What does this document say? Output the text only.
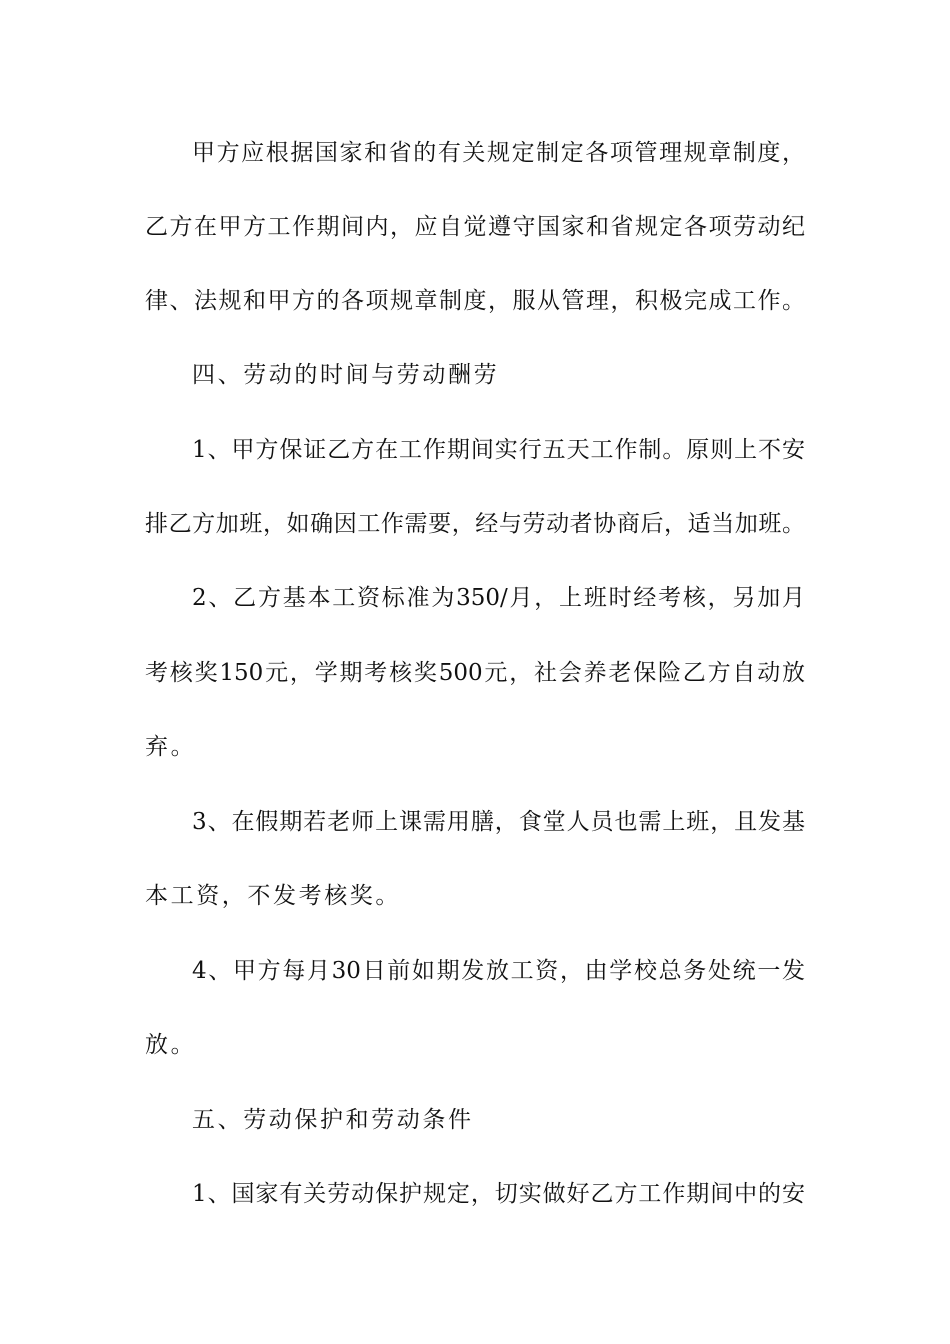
甲方应根据国家和省的有关规定制定各项管理规章制度，
乙方在甲方工作期间内，应自觉遵守国家和省规定各项劳动纪
律、法规和甲方的各项规章制度，服从管理，积极完成工作。
四、劳动的时间与劳动酬劳
1、甲方保证乙方在工作期间实行五天工作制。原则上不安
排乙方加班，如确因工作需要，经与劳动者协商后，适当加班。
2、乙方基本工资标准为350/月，上班时经考核，另加月
考核奖150元，学期考核奖500元，社会养老保险乙方自动放
弃。
3、在假期若老师上课需用膳，食堂人员也需上班，且发基
本工资，不发考核奖。
4、甲方每月30日前如期发放工资，由学校总务处统一发
放。
五、劳动保护和劳动条件
1、国家有关劳动保护规定，切实做好乙方工作期间中的安
